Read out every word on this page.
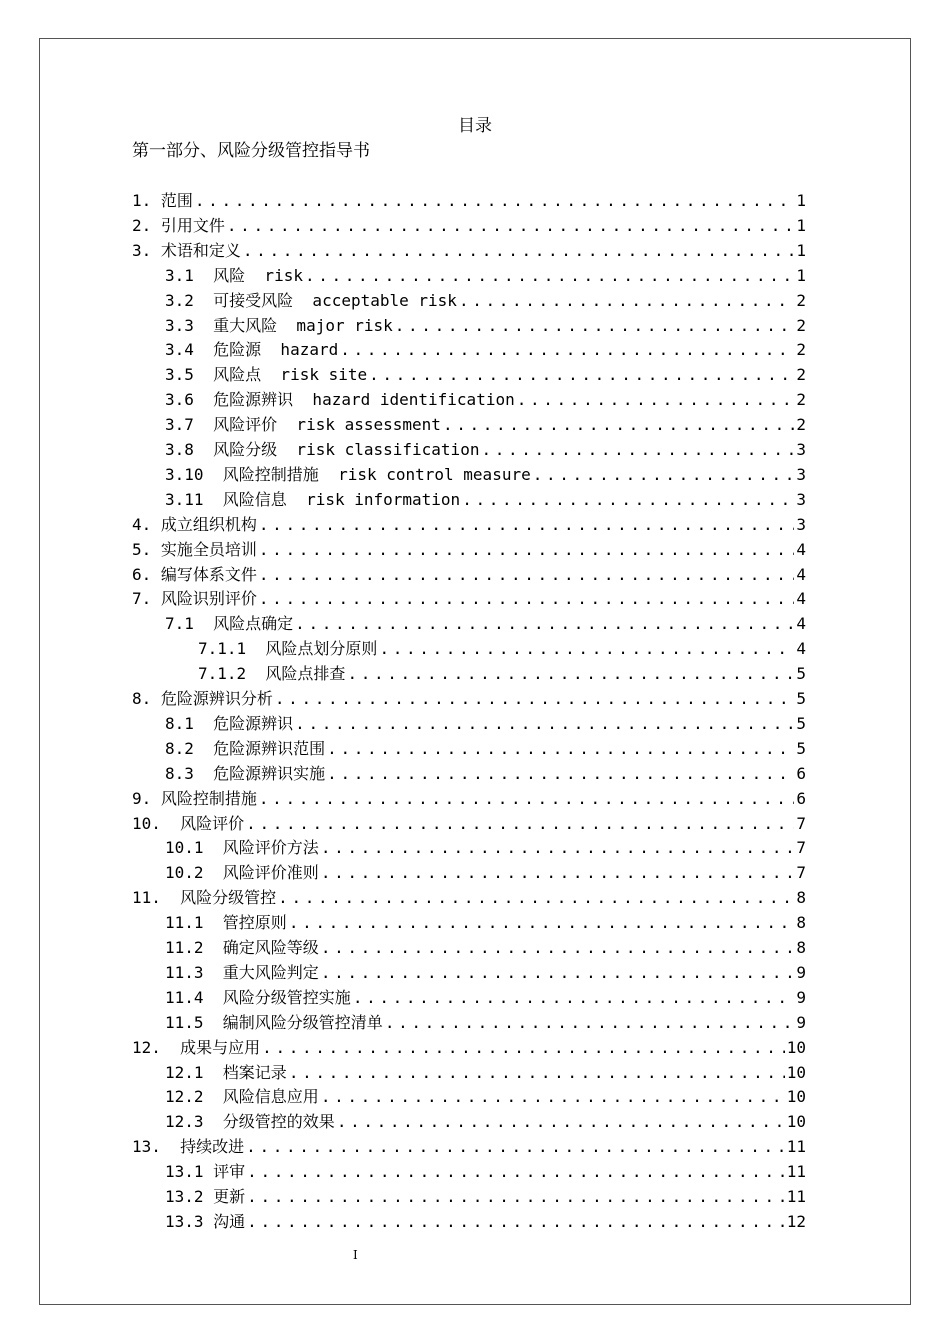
目录
第一部分、风险分级管控指导书
1. 范围 . . .	1
2. 引用文件 . . .	1
3. 术语和定义 . . .	1
3.1  风险  risk . . .	1
3.2  可接受风险  acceptable risk . . .	2
3.3  重大风险  major risk . . .	2
3.4  危险源  hazard . . .	2
3.5  风险点  risk site . . .	2
3.6  危险源辨识  hazard identification . . .	2
3.7  风险评价  risk assessment . . .	2
3.8  风险分级  risk classification . . .	3
3.10  风险控制措施  risk control measure . . .	3
3.11  风险信息  risk information . . .	3
4. 成立组织机构 . . .	3
5. 实施全员培训 . . .	4
6. 编写体系文件 . . .	4
7. 风险识别评价 . . .	4
7.1  风险点确定 . . .	4
7.1.1  风险点划分原则 . . .	4
7.1.2  风险点排查 . . .	5
8. 危险源辨识分析 . . .	5
8.1  危险源辨识 . . .	5
8.2  危险源辨识范围 . . .	5
8.3  危险源辨识实施 . . .	6
9. 风险控制措施 . . .	6
10.  风险评价 . . .	7
10.1  风险评价方法 . . .	7
10.2  风险评价准则 . . .	7
11.  风险分级管控 . . .	8
11.1  管控原则 . . .	8
11.2  确定风险等级 . . .	8
11.3  重大风险判定 . . .	9
11.4  风险分级管控实施 . . .	9
11.5  编制风险分级管控清单 . . .	9
12.  成果与应用 . . .	10
12.1  档案记录 . . .	10
12.2  风险信息应用 . . .	10
12.3  分级管控的效果 . . .	10
13.  持续改进 . . .	11
13.1 评审 . . .	11
13.2 更新 . . .	11
13.3 沟通 . . .	12
I
